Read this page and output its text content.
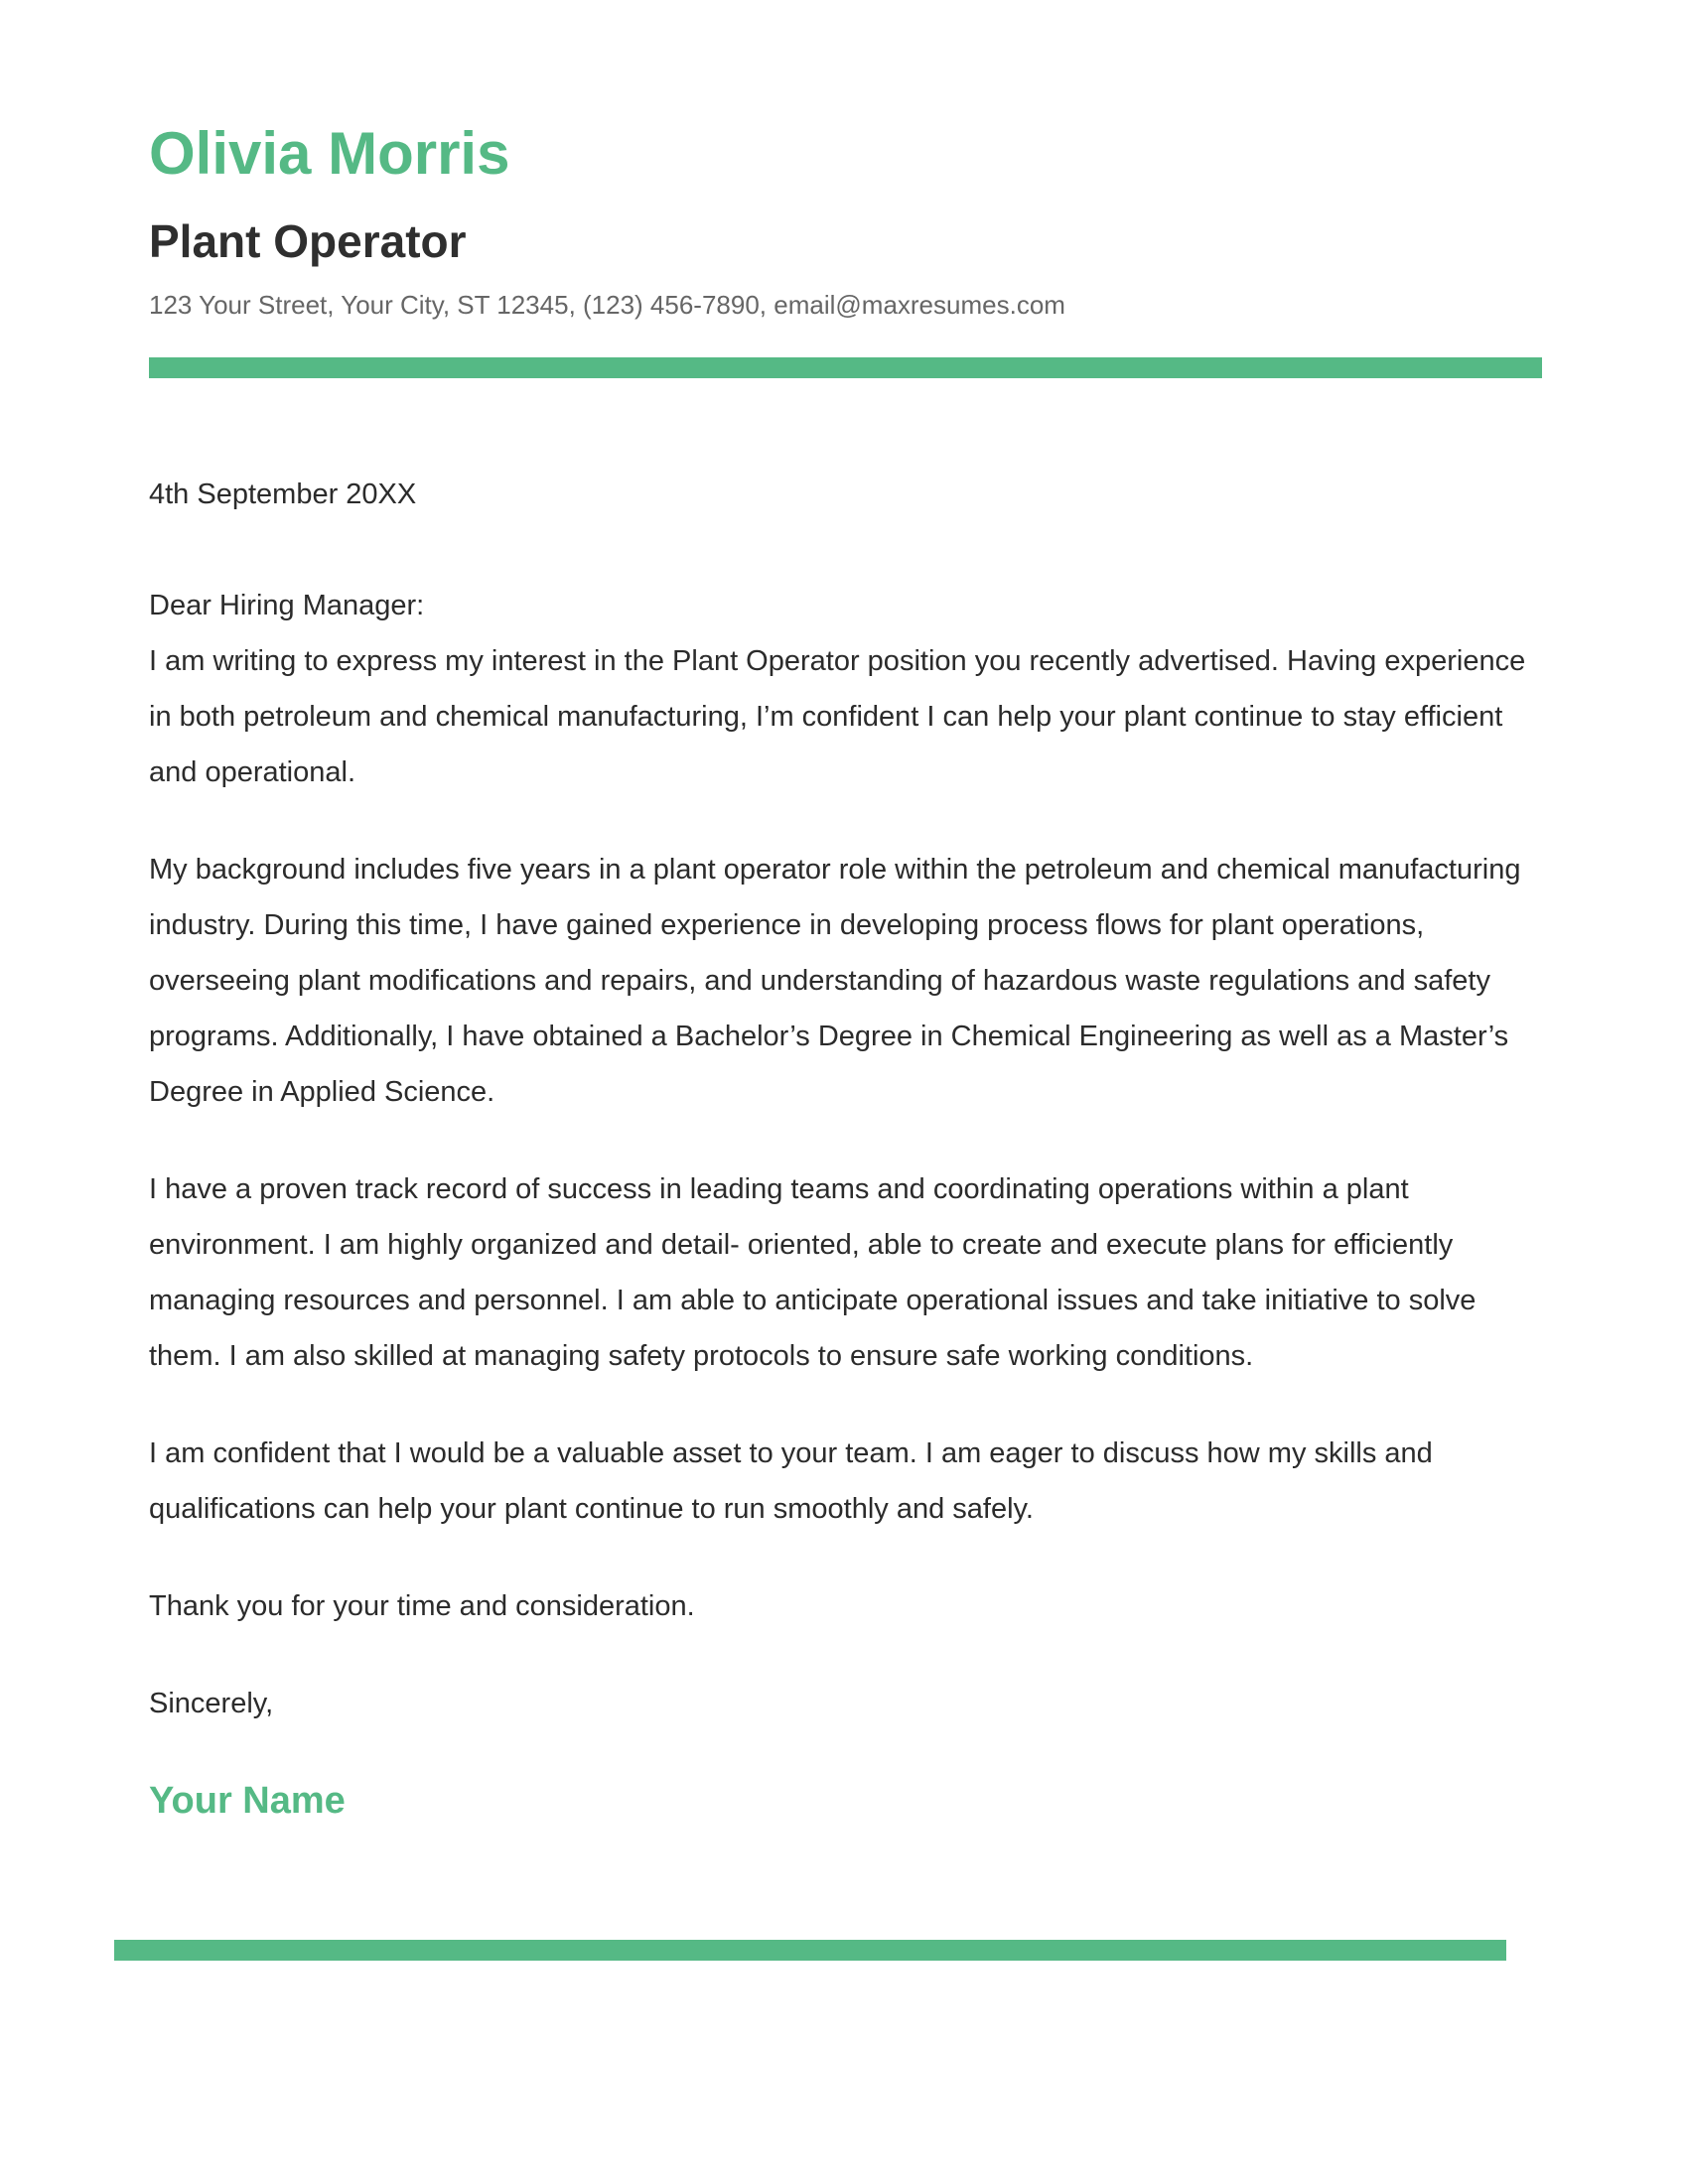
Olivia Morris
Plant Operator

123 Your Street, Your City, ST 12345, (123) 456-7890, email@maxresumes.com

4th September 20XX

Dear Hiring Manager:

I am writing to express my interest in the Plant Operator position you recently advertised. Having experience in both petroleum and chemical manufacturing, I’m confident I can help your plant continue to stay efficient and operational.

My background includes five years in a plant operator role within the petroleum and chemical manufacturing industry. During this time, I have gained experience in developing process flows for plant operations, overseeing plant modifications and repairs, and understanding of hazardous waste regulations and safety programs. Additionally, I have obtained a Bachelor’s Degree in Chemical Engineering as well as a Master’s Degree in Applied Science.

I have a proven track record of success in leading teams and coordinating operations within a plant environment. I am highly organized and detail- oriented, able to create and execute plans for efficiently managing resources and personnel. I am able to anticipate operational issues and take initiative to solve them. I am also skilled at managing safety protocols to ensure safe working conditions.

I am confident that I would be a valuable asset to your team. I am eager to discuss how my skills and qualifications can help your plant continue to run smoothly and safely.

Thank you for your time and consideration.

Sincerely,

Your Name
